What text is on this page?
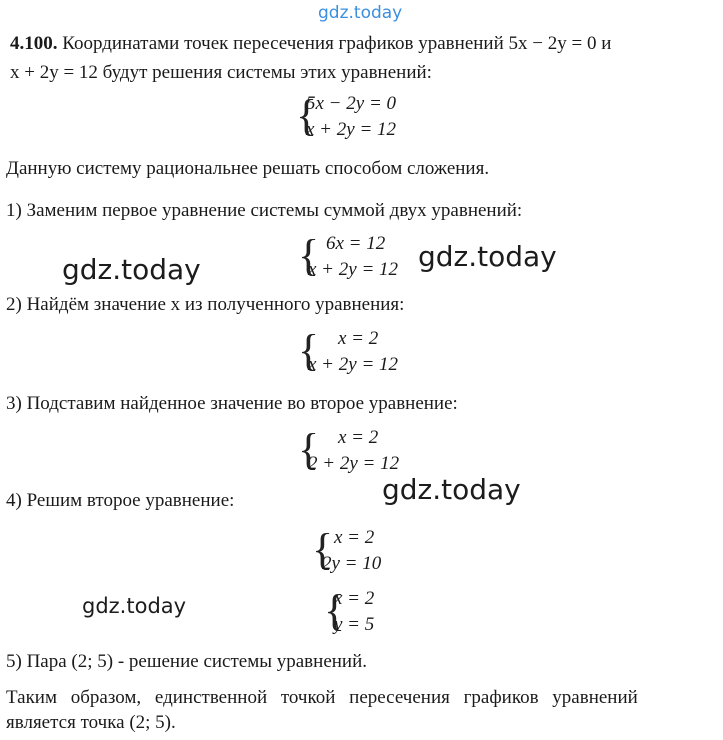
gdz.today
gdz.today	gdz.today
gdz.today
gdz.today
4.100. Координатами точек пересечения графиков уравнений 5x − 2y = 0 и
x + 2y = 12 будут решения системы этих уравнений:
{
5x − 2y = 0
x + 2y = 12
Данную систему рациональнее решать способом сложения.
1) Заменим первое уравнение системы суммой двух уравнений:
{ 6x = 12
x + 2y = 12
2) Найдём значение x из полученного уравнения:
{ x = 2
x + 2y = 12
3) Подставим найденное значение во второе уравнение:
{ x = 2
2 + 2y = 12
4) Решим второе уравнение:
{ x = 2
2y = 10
{
x = 2
y = 5
5) Пара (2; 5) - решение системы уравнений.
Таким образом, единственной точкой пересечения графиков уравнений
является точка (2; 5).
